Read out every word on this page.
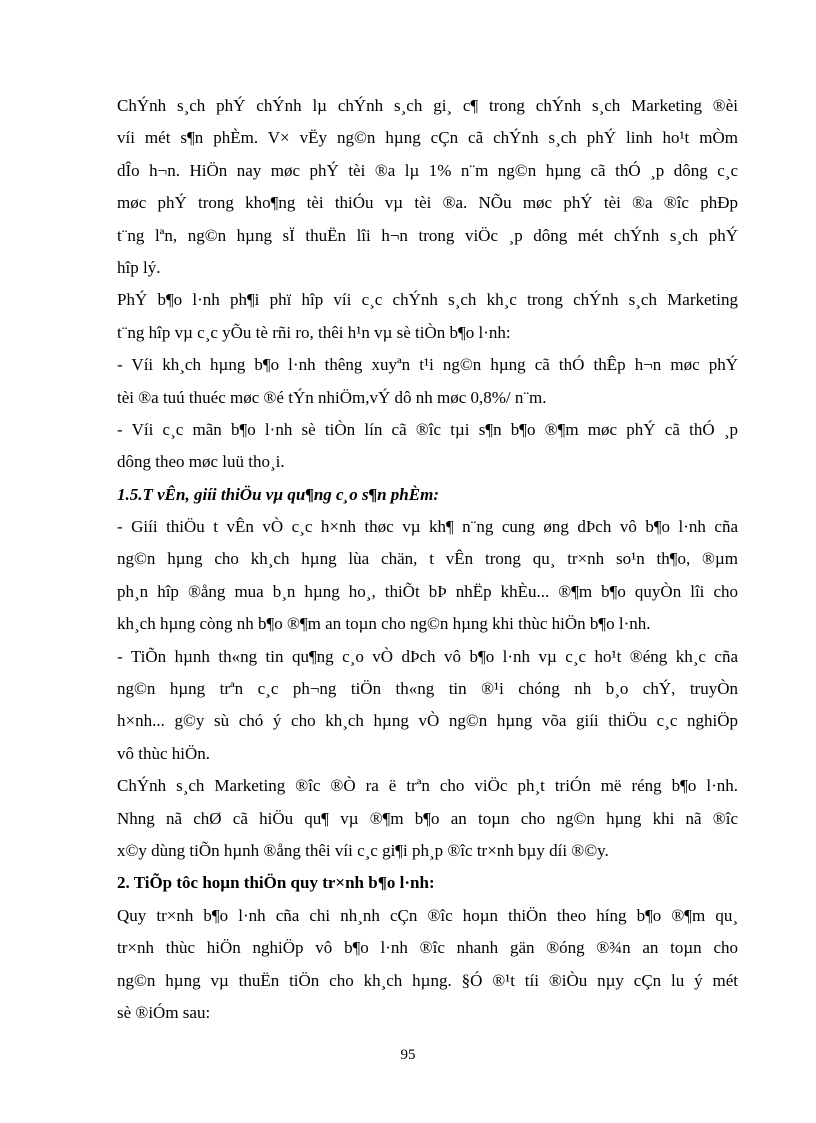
ChÝnh s¸ch phÝ chÝnh lµ chÝnh s¸ch gi¸ c¶ trong chÝnh s¸ch Marketing ®èi
víi mét s¶n phÈm. V× vËy ng©n hµng cÇn cã chÝnh s¸ch phÝ linh ho¹t mÒm
dÎo h¬n. HiÖn nay møc phÝ tèi ®a lµ 1% n¨m ng©n hµng cã thÓ ¸p dông c¸c
møc phÝ trong kho¶ng tèi thiÓu vµ tèi ®a. NÕu møc phÝ tèi ®a ®îc phÐp
t¨ng lªn, ng©n hµng sÏ thuËn lîi h¬n trong viÖc ¸p dông mét chÝnh s¸ch phÝ
hîp lý.
PhÝ b¶o l·nh ph¶i phï hîp víi c¸c chÝnh s¸ch kh¸c trong chÝnh s¸ch Marketing
t¨ng hîp vµ c¸c yÕu tè rñi ro, thêi h¹n vµ sè tiÒn b¶o l·nh:
- Víi kh¸ch hµng b¶o l·nh thêng xuyªn t¹i ng©n hµng cã thÓ thÊp h¬n møc phÝ
tèi ®a tuú thuéc møc ®é tÝn nhiÖm,vÝ dô nh møc 0,8%/ n¨m.
- Víi c¸c mãn b¶o l·nh sè tiÒn lín cã ®îc tµi s¶n b¶o ®¶m møc phÝ cã thÓ ¸p
dông theo møc luü tho¸i.
1.5.T vÊn, giíi thiÖu vµ qu¶ng c¸o s¶n phÈm:
- Giíi thiÖu t vÊn vÒ c¸c h×nh thøc vµ kh¶ n¨ng cung øng dÞch vô b¶o l·nh cña
ng©n hµng cho kh¸ch hµng lùa chän, t vÊn trong qu¸ tr×nh so¹n th¶o, ®µm
ph¸n hîp ®ång mua b¸n hµng ho¸, thiÕt bÞ nhËp khÈu... ®¶m b¶o quyÒn lîi cho
kh¸ch hµng còng nh b¶o ®¶m an toµn cho ng©n hµng khi thùc hiÖn b¶o l·nh.
- TiÕn hµnh th«ng tin qu¶ng c¸o vÒ dÞch vô b¶o l·nh vµ c¸c ho¹t ®éng kh¸c cña
ng©n hµng trªn c¸c ph¬ng tiÖn th«ng tin ®¹i chóng nh b¸o chÝ, truyÒn
h×nh... g©y sù chó ý cho kh¸ch hµng vÒ ng©n hµng võa giíi thiÖu c¸c nghiÖp
vô thùc hiÖn.
ChÝnh s¸ch Marketing ®îc ®Ò ra ë trªn cho viÖc ph¸t triÓn më réng b¶o l·nh.
Nhng nã chØ cã hiÖu qu¶ vµ ®¶m b¶o an toµn cho ng©n hµng khi nã ®îc
x©y dùng tiÕn hµnh ®ång thêi víi c¸c gi¶i ph¸p ®îc tr×nh bµy díi ®©y.
2. TiÕp tôc hoµn thiÖn quy tr×nh b¶o l·nh:
Quy tr×nh b¶o l·nh cña chi nh¸nh cÇn ®îc hoµn thiÖn theo híng b¶o ®¶m qu¸
tr×nh thùc hiÖn nghiÖp vô b¶o l·nh ®îc nhanh gän ®óng ®¾n an toµn cho
ng©n hµng vµ thuËn tiÖn cho kh¸ch hµng. §Ó ®¹t tíi ®iÒu nµy cÇn lu ý mét
sè ®iÓm sau:
95
